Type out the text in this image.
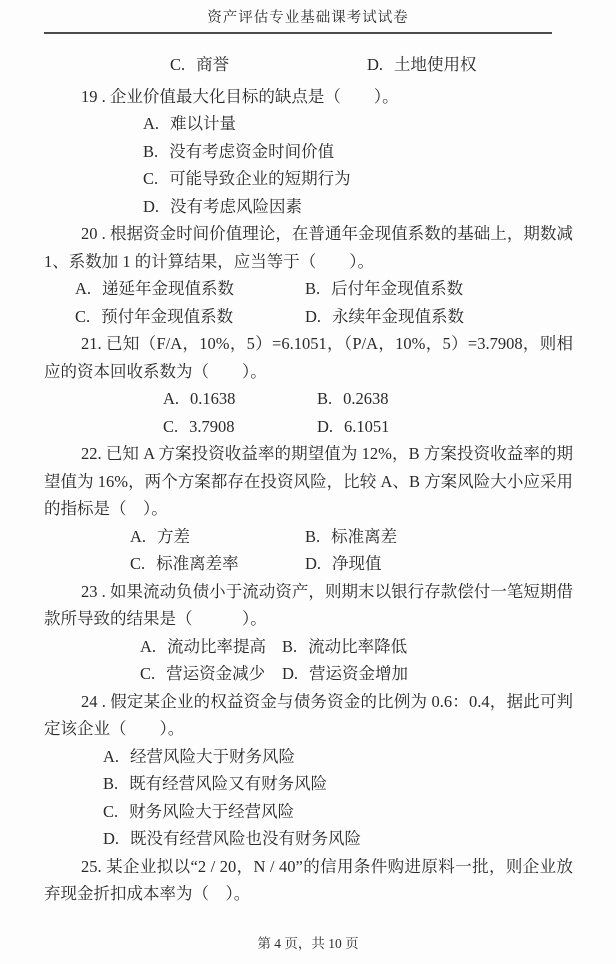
资产评估专业基础课考试试卷
C. 商誉	D. 土地使用权

19 . 企业价值最大化目标的缺点是（　　）。

A. 难以计量

B. 没有考虑资金时间价值

C. 可能导致企业的短期行为

D. 没有考虑风险因素

20 . 根据资金时间价值理论，在普通年金现值系数的基础上，期数减 1、系数加 1 的计算结果，应当等于（　　）。

A. 递延年金现值系数	B. 后付年金现值系数
C. 预付年金现值系数	D. 永续年金现值系数

21. 已知（F/A，10%，5）=6.1051，（P/A，10%，5）=3.7908，则相应的资本回收系数为（　　）。

A. 0.1638	B. 0.2638
C. 3.7908	D. 6.1051

22. 已知 A 方案投资收益率的期望值为 12%，B 方案投资收益率的期望值为 16%，两个方案都存在投资风险，比较 A、B 方案风险大小应采用的指标是（　）。

A. 方差	B. 标准离差
C. 标准离差率	D. 净现值

23 . 如果流动负债小于流动资产，则期末以银行存款偿付一笔短期借款所导致的结果是（　　　）。

A. 流动比率提高 B. 流动比率降低
C. 营运资金减少	D. 营运资金增加

24 . 假定某企业的权益资金与债务资金的比例为 0.6：0.4，据此可判定该企业（　　）。

A. 经营风险大于财务风险

B. 既有经营风险又有财务风险

C. 财务风险大于经营风险

D. 既没有经营风险也没有财务风险

25. 某企业拟以“2 / 20，N / 40”的信用条件购进原料一批，则企业放弃现金折扣成本率为（　）。

第 4 页，共 10 页
